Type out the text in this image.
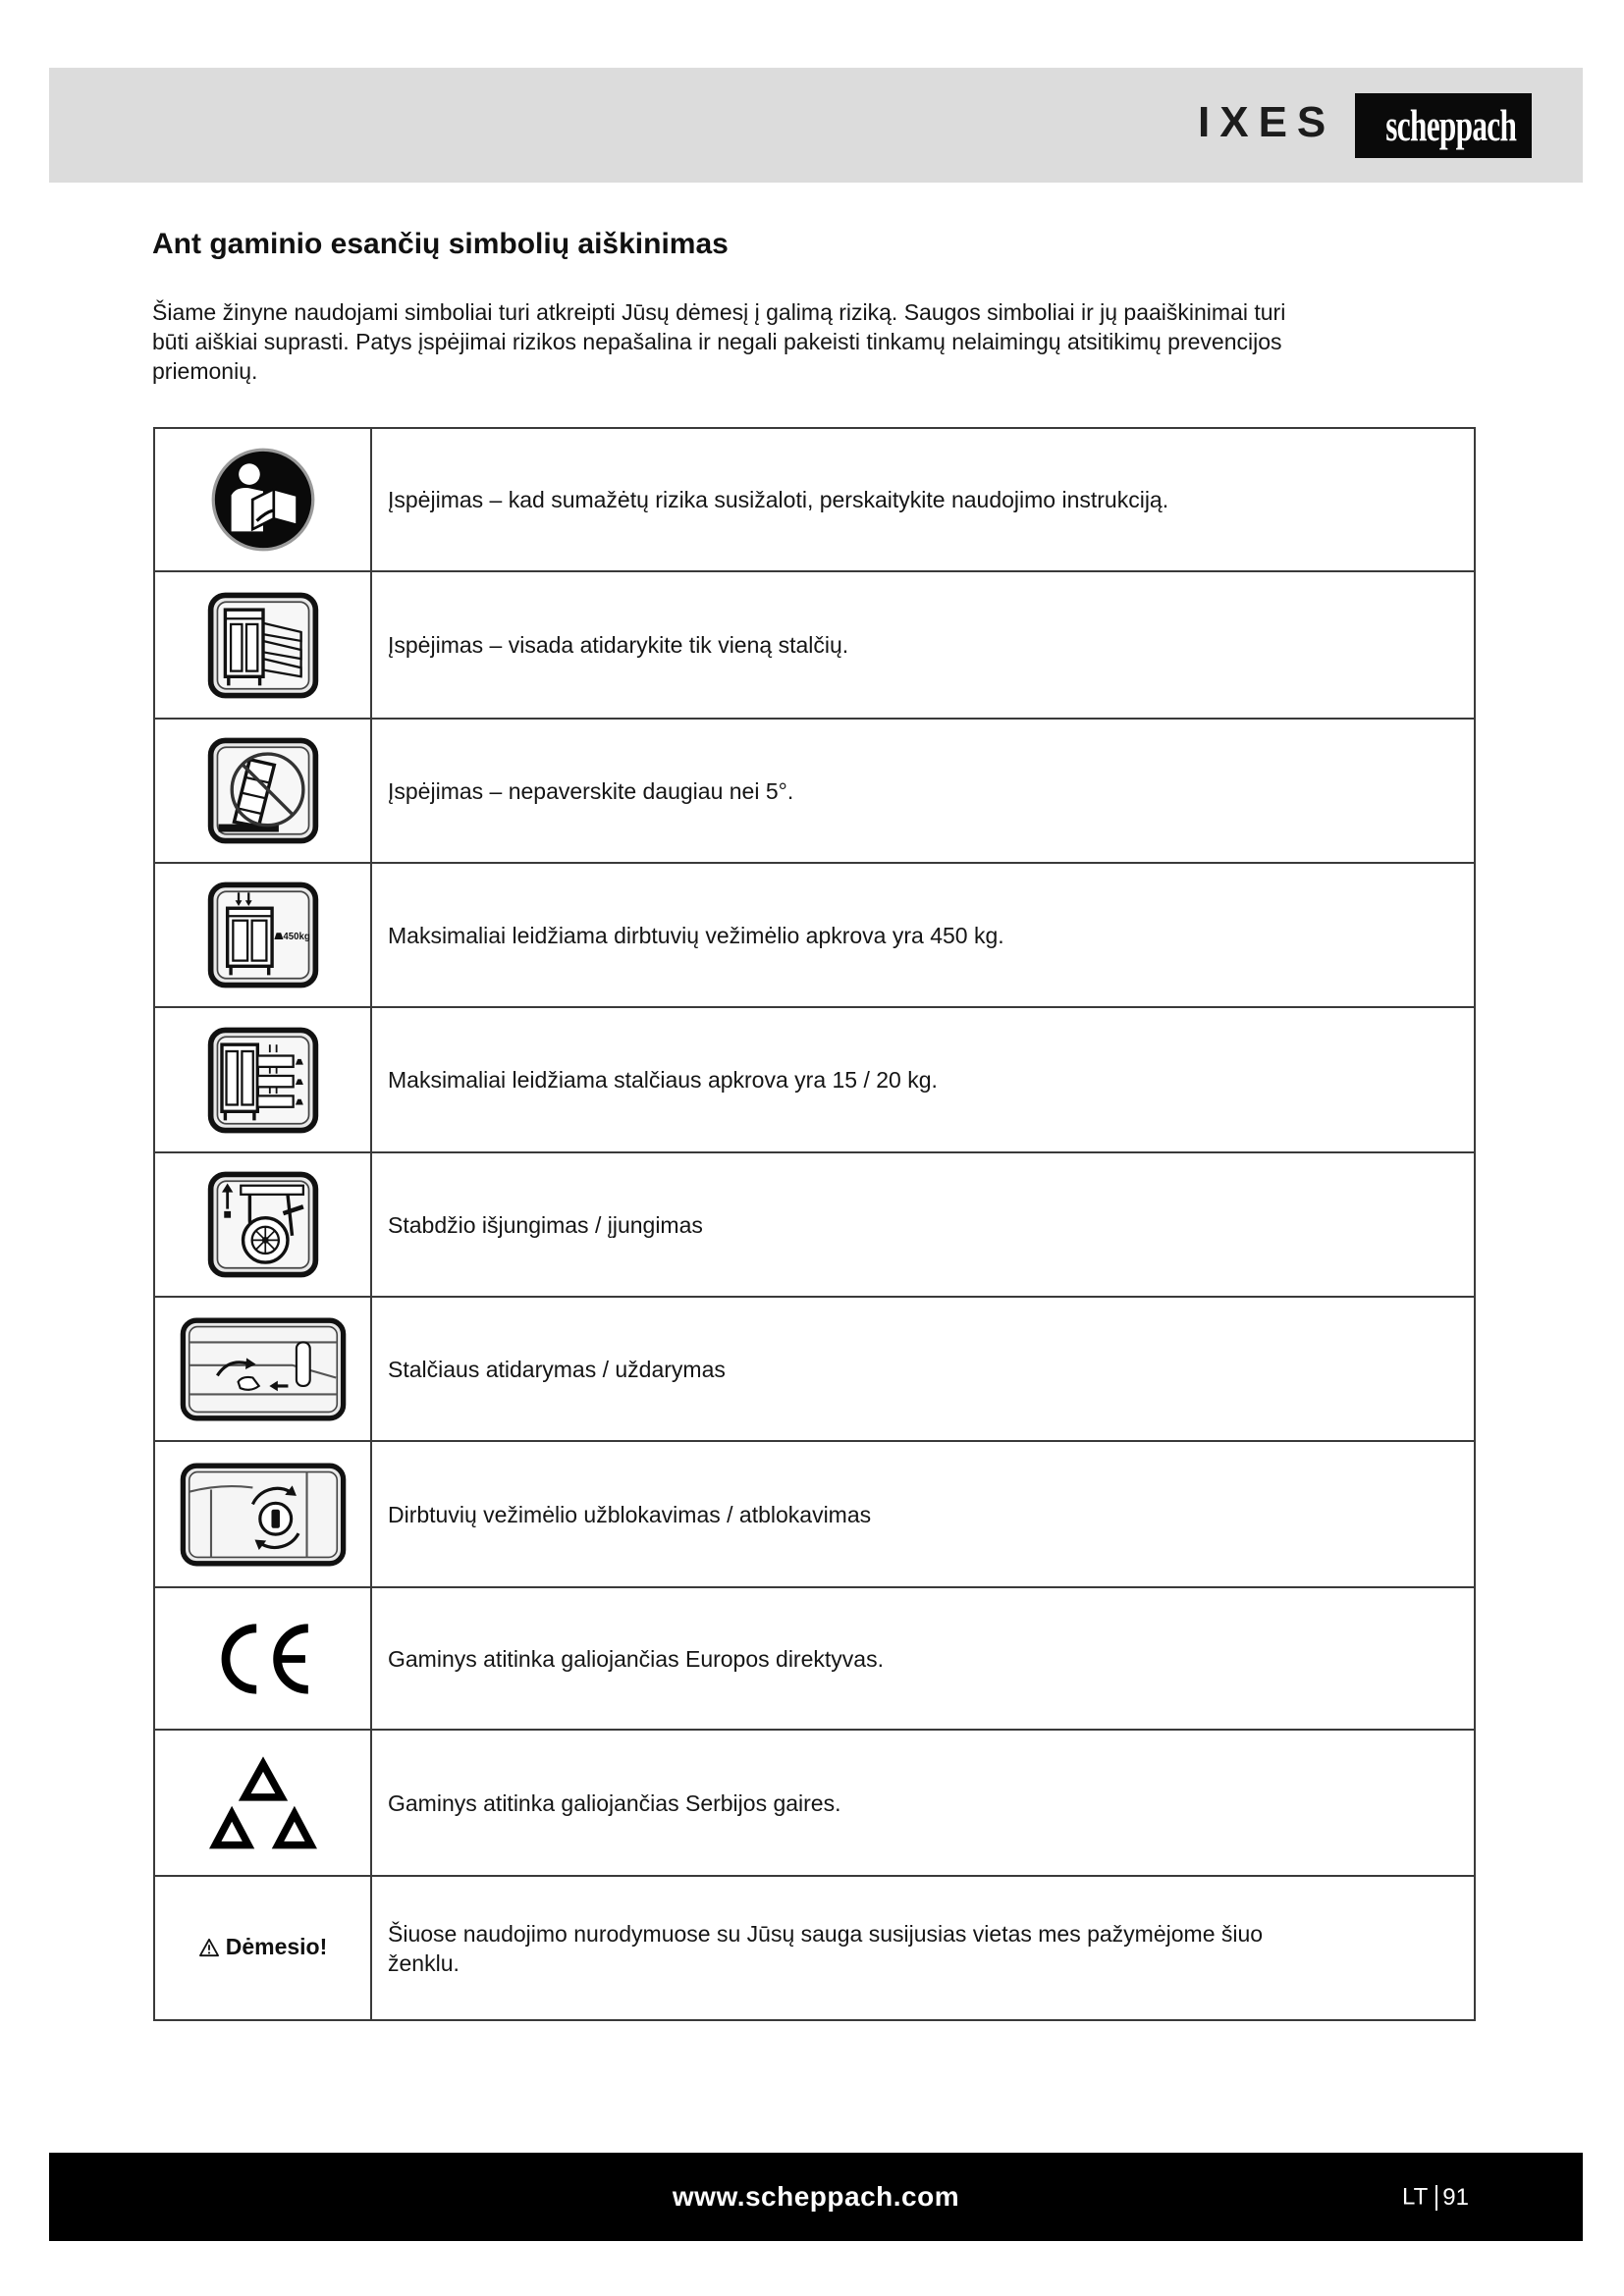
IXES	scheppach
Ant gaminio esančių simbolių aiškinimas
Šiame žinyne naudojami simboliai turi atkreipti Jūsų dėmesį į galimą riziką. Saugos simboliai ir jų paaiškinimai turi
būti aiškiai suprasti. Patys įspėjimai rizikos nepašalina ir negali pakeisti tinkamų nelaimingų atsitikimų prevencijos
priemonių.
	Įspėjimas – kad sumažėtų rizika susižaloti, perskaitykite naudojimo instrukciją.

	Įspėjimas – visada atidarykite tik vieną stalčių.

	Įspėjimas – nepaverskite daugiau nei 5°.

450kg	Maksimaliai leidžiama dirbtuvių vežimėlio apkrova yra 450 kg.

	Maksimaliai leidžiama stalčiaus apkrova yra 15 / 20 kg.

	Stabdžio išjungimas / įjungimas

	Stalčiaus atidarymas / uždarymas

	Dirbtuvių vežimėlio užblokavimas / atblokavimas

	Gaminys atitinka galiojančias Europos direktyvas.

	Gaminys atitinka galiojančias Serbijos gaires.

Dėmesio!	Šiuose naudojimo nurodymuose su Jūsų sauga susijusias vietas mes pažymėjome šiuo
ženklu.
www.scheppach.com	LT 91
